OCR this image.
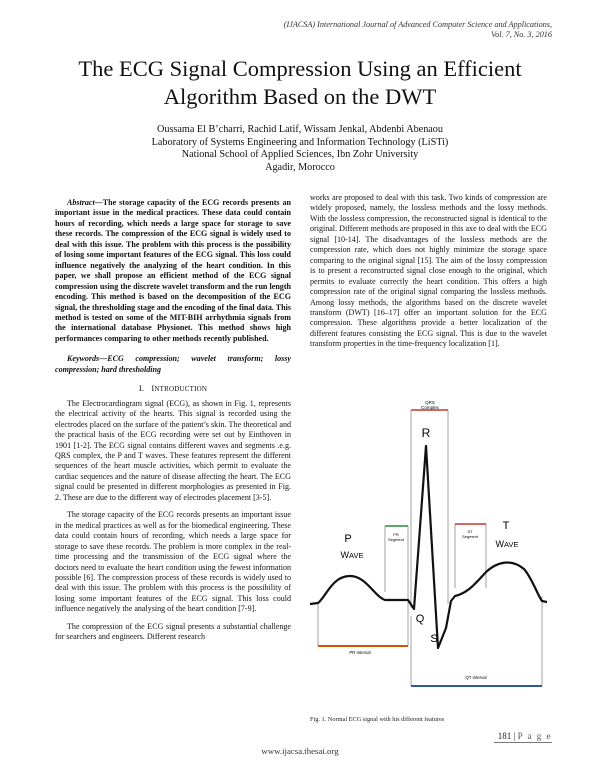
(IJACSA) International Journal of Advanced Computer Science and Applications,
Vol. 7, No. 3, 2016
The ECG Signal Compression Using an Efficient
Algorithm Based on the DWT
Oussama El B’charri, Rachid Latif, Wissam Jenkal, Abdenbi Abenaou
Laboratory of Systems Engineering and Information Technology (LiSTi)
National School of Applied Sciences, Ibn Zohr University
Agadir, Morocco

Abstract—The storage capacity of the ECG records presents an important issue in the medical practices. These data could contain hours of recording, which needs a large space for storage to save these records. The compression of the ECG signal is widely used to deal with this issue. The problem with this process is the possibility of losing some important features of the ECG signal. This loss could influence negatively the analyzing of the heart condition. In this paper, we shall propose an efficient method of the ECG signal compression using the discrete wavelet transform and the run length encoding. This method is based on the decomposition of the ECG signal, the thresholding stage and the encoding of the final data. This method is tested on some of the MIT-BIH arrhythmia signals from the international database Physionet. This method shows high performances comparing to other methods recently published.

Keywords—ECG compression; wavelet transform; lossy compression; hard thresholding

I. INTRODUCTION

The Electrocardiogram signal (ECG), as shown in Fig. 1, represents the electrical activity of the hearts. This signal is recorded using the electrodes placed on the surface of the patient’s skin. The theoretical and the practical basis of the ECG recording were set out by Einthoven in 1901 [1-2]. The ECG signal contains different waves and segments .e.g. QRS complex, the P and T waves. These features represent the different sequences of the heart muscle activities, which permit to evaluate the cardiac sequences and the nature of disease affecting the heart. The ECG signal could be presented in different morphologies as presented in Fig. 2. These are due to the different way of electrodes placement [3-5].

The storage capacity of the ECG records presents an important issue in the medical practices as well as for the biomedical engineering. These data could contain hours of recording, which needs a large space for storage to save these records. The problem is more complex in the real-time processing and the transmission of the ECG signal where the doctors need to evaluate the heart condition using the fewest information possible [6]. The compression process of these records is widely used to deal with this issue. The problem with this process is the possibility of losing some important features of the ECG signal. This loss could influence negatively the analysing of the heart condition [7-9].

The compression of the ECG signal presents a substantial challenge for searchers and engineers. Different research

works are proposed to deal with this task. Two kinds of compression are widely proposed, namely, the lossless methods and the lossy methods. With the lossless compression, the reconstructed signal is identical to the original. Different methods are proposed in this axe to deal with the ECG signal [10-14]. The disadvantages of the lossless methods are the compression rate, which does not highly minimize the storage space comparing to the original signal [15]. The aim of the lossy compression is to present a reconstructed signal close enough to the original, which permits to evaluate correctly the heart condition. This offers a high compression rate of the original signal comparing the lossless methods. Among lossy methods, the algorithms based on the discrete wavelet transform (DWT) [16–17] offer an important solution for the ECG compression. These algorithms provide a better localization of the different features consisting the ECG signal. This is due to the wavelet transform properties in the time-frequency localization [1].

QRS
Complex
PR
Segment
ST
Segment
R
P
WAVE
T
WAVE
Q
S
PR Interval
QT Interval
Fig. 1. Normal ECG signal with his different features
181 | P a g e
www.ijacsa.thesai.org
